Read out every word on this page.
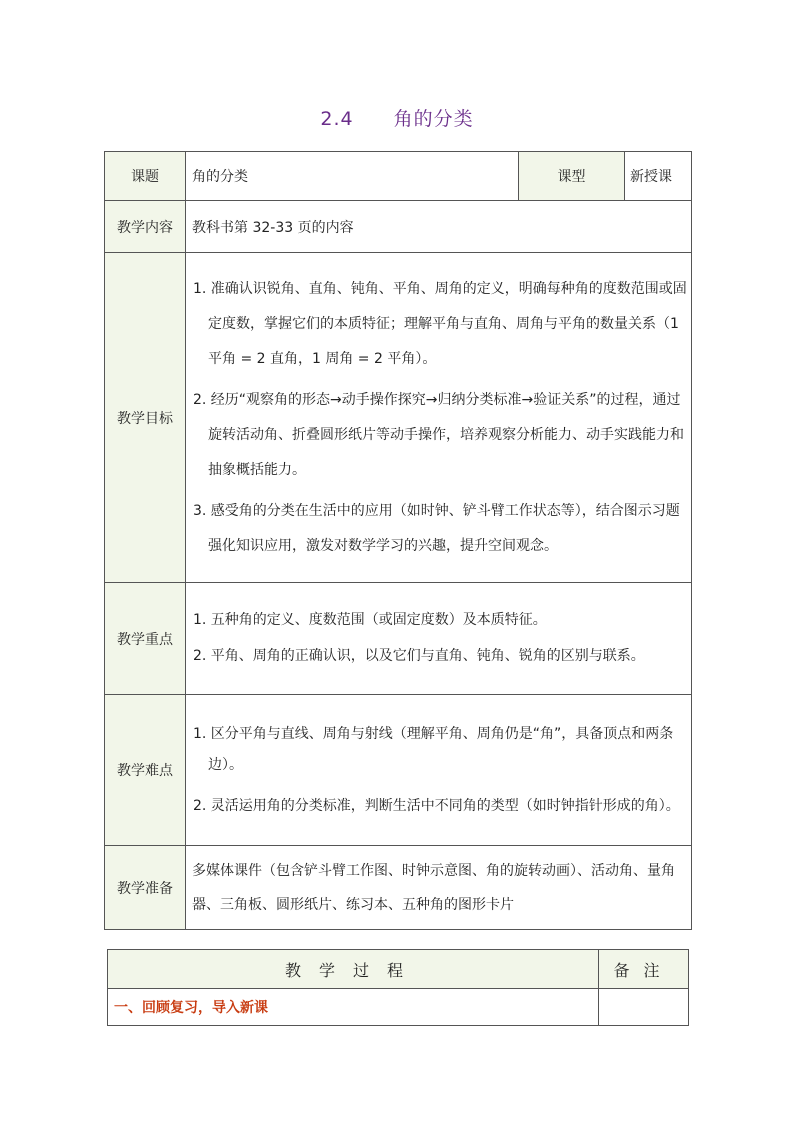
2.4 角的分类
课题	角的分类	课型	新授课
教学内容	教科书第 32-33 页的内容		
教学目标	1. 准确认识锐角、直角、钝角、平角、周角的定义，明确每种角的度数范围或固定度数，掌握它们的本质特征；理解平角与直角、周角与平角的数量关系（1 平角 = 2 直角，1 周角 = 2 平角）。
2. 经历“观察角的形态→动手操作探究→归纳分类标准→验证关系”的过程，通过旋转活动角、折叠圆形纸片等动手操作，培养观察分析能力、动手实践能力和抽象概括能力。
3. 感受角的分类在生活中的应用（如时钟、铲斗臂工作状态等），结合图示习题强化知识应用，激发对数学学习的兴趣，提升空间观念。		

教学重点	1. 五种角的定义、度数范围（或固定度数）及本质特征。
2. 平角、周角的正确认识，以及它们与直角、钝角、锐角的区别与联系。		

教学难点	1. 区分平角与直线、周角与射线（理解平角、周角仍是“角”，具备顶点和两条边）。
2. 灵活运用角的分类标准，判断生活中不同角的类型（如时钟指针形成的角）。		

教学准备	多媒体课件（包含铲斗臂工作图、时钟示意图、角的旋转动画）、活动角、量角器、三角板、圆形纸片、练习本、五种角的图形卡片		
教学过程	备注
一、回顾复习，导入新课	
